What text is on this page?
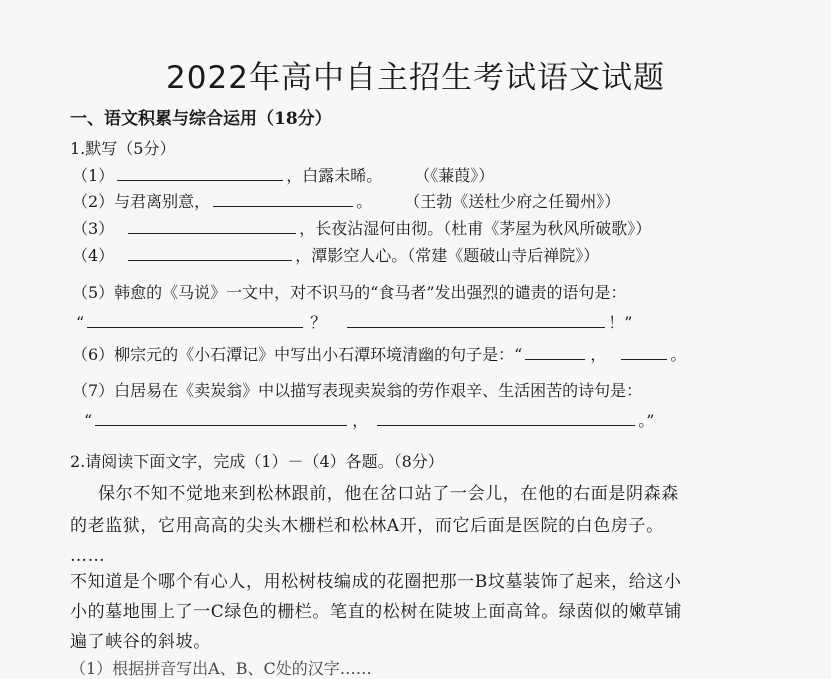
2022年高中自主招生考试语文试题
一、语文积累与综合运用（18分）
1.默写（5分）
（1）	，白露未晞。	（《蒹葭》）
（2）与君离别意，	。	（王勃《送杜少府之任蜀州》）
（3）	，长夜沾湿何由彻。（杜甫《茅屋为秋风所破歌》）
（4）	，潭影空人心。（常建《题破山寺后禅院》）
（5）韩愈的《马说》一文中，对不识马的“食马者”发出强烈的谴责的语句是：
“	？	！”
（6）柳宗元的《小石潭记》中写出小石潭环境清幽的句子是：“	，	。
（7）白居易在《卖炭翁》中以描写表现卖炭翁的劳作艰辛、生活困苦的诗句是：
“	，	。”
2.请阅读下面文字，完成（1）－（4）各题。（8分）
保尔不知不觉地来到松林跟前，他在岔口站了一会儿，在他的右面是阴森森
的老监狱，它用高高的尖头木栅栏和松林A开，而它后面是医院的白色房子。
……
不知道是个哪个有心人，用松树枝编成的花圈把那一B坟墓装饰了起来，给这小
小的墓地围上了一C绿色的栅栏。笔直的松树在陡坡上面高耸。绿茵似的嫩草铺
遍了峡谷的斜坡。
（1）根据拼音写出A、B、C处的汉字……
